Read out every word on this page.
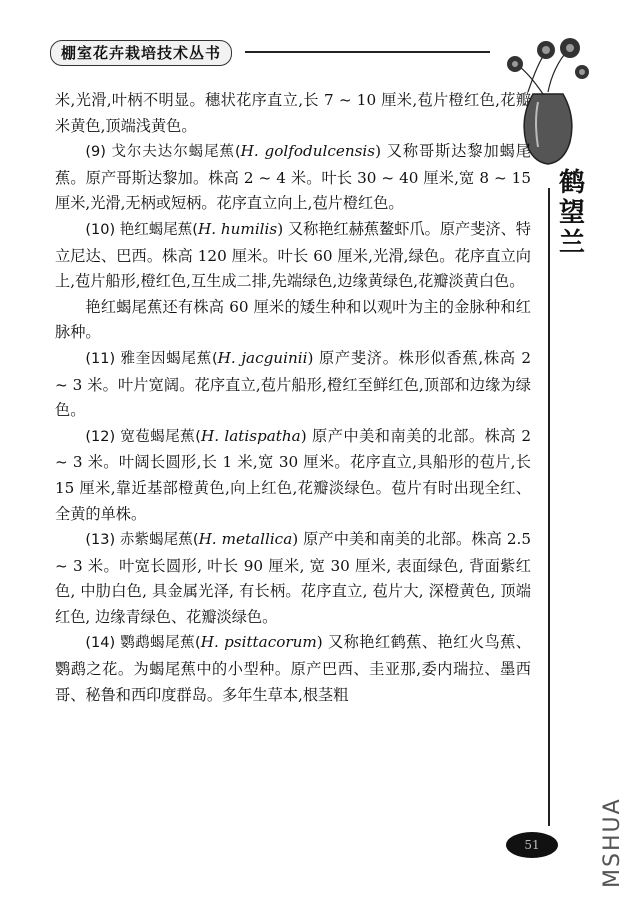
棚室花卉栽培技术丛书
鹤
望
兰

米,光滑,叶柄不明显。穗状花序直立,长 7 ~ 10 厘米,苞片橙红色,花瓣米黄色,顶端浅黄色。

(9) 戈尔夫达尔蝎尾蕉(H. golfodulcensis) 又称哥斯达黎加蝎尾蕉。原产哥斯达黎加。株高 2 ~ 4 米。叶长 30 ~ 40 厘米,宽 8 ~ 15 厘米,光滑,无柄或短柄。花序直立向上,苞片橙红色。

(10) 艳红蝎尾蕉(H. humilis) 又称艳红赫蕉鳌虾爪。原产斐济、特立尼达、巴西。株高 120 厘米。叶长 60 厘米,光滑,绿色。花序直立向上,苞片船形,橙红色,互生成二排,先端绿色,边缘黄绿色,花瓣淡黄白色。

艳红蝎尾蕉还有株高 60 厘米的矮生种和以观叶为主的金脉种和红脉种。

(11) 雅奎因蝎尾蕉(H. jacguinii) 原产斐济。株形似香蕉,株高 2 ~ 3 米。叶片宽阔。花序直立,苞片船形,橙红至鲜红色,顶部和边缘为绿色。

(12) 宽苞蝎尾蕉(H. latispatha) 原产中美和南美的北部。株高 2 ~ 3 米。叶阔长圆形,长 1 米,宽 30 厘米。花序直立,具船形的苞片,长 15 厘米,靠近基部橙黄色,向上红色,花瓣淡绿色。苞片有时出现全红、全黄的单株。

(13) 赤紫蝎尾蕉(H. metallica) 原产中美和南美的北部。株高 2.5 ~ 3 米。叶宽长圆形, 叶长 90 厘米, 宽 30 厘米, 表面绿色, 背面紫红色, 中肋白色, 具金属光泽, 有长柄。花序直立, 苞片大, 深橙黄色, 顶端红色, 边缘青绿色、花瓣淡绿色。

(14) 鹦鹉蝎尾蕉(H. psittacorum) 又称艳红鹤蕉、艳红火鸟蕉、鹦鹉之花。为蝎尾蕉中的小型种。原产巴西、圭亚那,委内瑞拉、墨西哥、秘鲁和西印度群岛。多年生草本,根茎粗

51	MSHUA
